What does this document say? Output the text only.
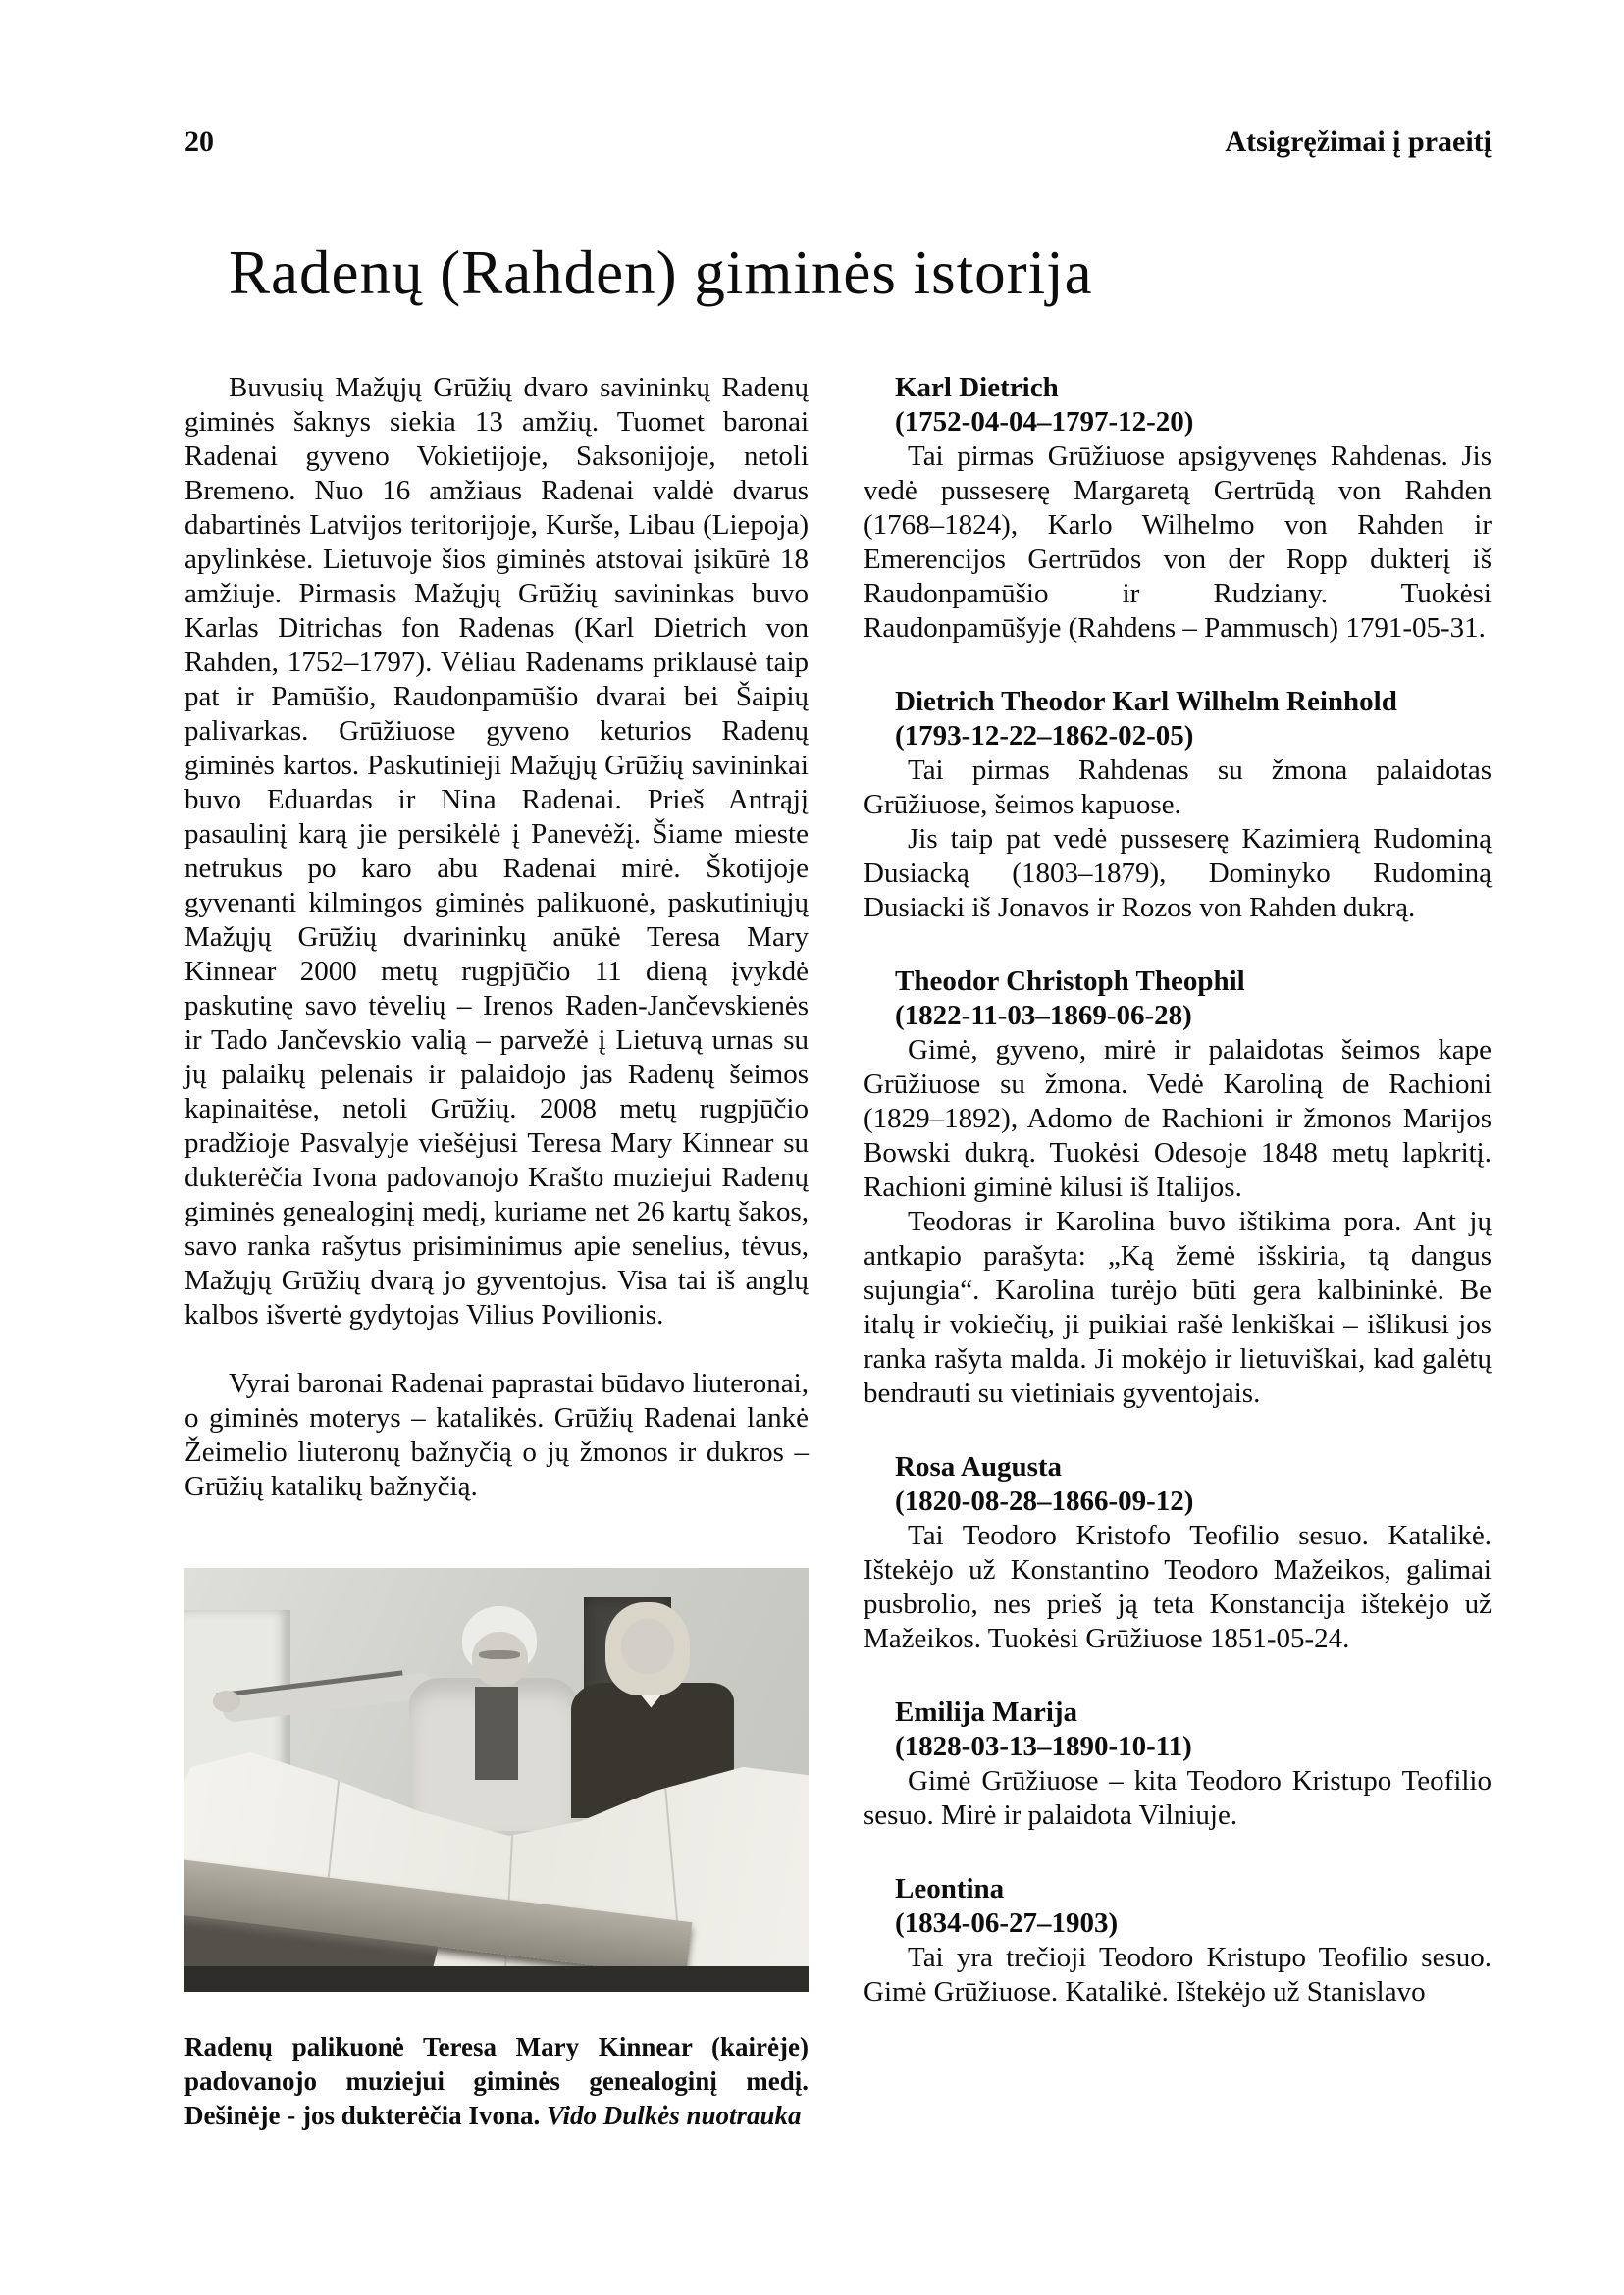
20	Atsigręžimai į praeitį
Radenų (Rahden) giminės istorija

Buvusių Mažųjų Grūžių dvaro savininkų Radenų giminės šaknys siekia 13 amžių. Tuomet baronai Radenai gyveno Vokietijoje, Saksonijoje, netoli Bremeno. Nuo 16 amžiaus Radenai valdė dvarus dabartinės Latvijos teritorijoje, Kurše, Libau (Liepoja) apylinkėse. Lietuvoje šios giminės atstovai įsikūrė 18 amžiuje. Pirmasis Mažųjų Grūžių savininkas buvo Karlas Ditrichas fon Radenas (Karl Dietrich von Rahden, 1752–1797). Vėliau Radenams priklausė taip pat ir Pamūšio, Raudonpamūšio dvarai bei Šaipių palivarkas. Grūžiuose gyveno keturios Radenų giminės kartos. Paskutinieji Mažųjų Grūžių savininkai buvo Eduardas ir Nina Radenai. Prieš Antrąjį pasaulinį karą jie persikėlė į Panevėžį. Šiame mieste netrukus po karo abu Radenai mirė. Škotijoje gyvenanti kilmingos giminės palikuonė, paskutiniųjų Mažųjų Grūžių dvarininkų anūkė Teresa Mary Kinnear 2000 metų rugpjūčio 11 dieną įvykdė paskutinę savo tėvelių – Irenos Raden-Jančevskienės ir Tado Jančevskio valią – parvežė į Lietuvą urnas su jų palaikų pelenais ir palaidojo jas Radenų šeimos kapinaitėse, netoli Grūžių. 2008 metų rugpjūčio pradžioje Pasvalyje viešėjusi Teresa Mary Kinnear su dukterėčia Ivona padovanojo Krašto muziejui Radenų giminės genealoginį medį, kuriame net 26 kartų šakos, savo ranka rašytus prisiminimus apie senelius, tėvus, Mažųjų Grūžių dvarą jo gyventojus. Visa tai iš anglų kalbos išvertė gydytojas Vilius Povilionis.

Vyrai baronai Radenai paprastai būdavo liuteronai, o giminės moterys – katalikės. Grūžių Radenai lankė Žeimelio liuteronų bažnyčią o jų žmonos ir dukros – Grūžių katalikų bažnyčią.

Radenų palikuonė Teresa Mary Kinnear (kairėje) padovanojo muziejui giminės genealoginį medį. Dešinėje - jos dukterėčia Ivona. Vido Dulkės nuotrauka

Karl Dietrich

(1752-04-04–1797-12-20)

Tai pirmas Grūžiuose apsigyvenęs Rahdenas. Jis vedė pusseserę Margaretą Gertrūdą von Rahden (1768–1824), Karlo Wilhelmo von Rahden ir Emerencijos Gertrūdos von der Ropp dukterį iš Raudonpamūšio ir Rudziany. Tuokėsi Raudonpamūšyje (Rahdens – Pammusch) 1791-05-31.

Dietrich Theodor Karl Wilhelm Reinhold

(1793-12-22–1862-02-05)

Tai pirmas Rahdenas su žmona palaidotas Grūžiuose, šeimos kapuose.

Jis taip pat vedė pusseserę Kazimierą Rudominą Dusiacką (1803–1879), Dominyko Rudominą Dusiacki iš Jonavos ir Rozos von Rahden dukrą.

Theodor Christoph Theophil

(1822-11-03–1869-06-28)

Gimė, gyveno, mirė ir palaidotas šeimos kape Grūžiuose su žmona. Vedė Karoliną de Rachioni (1829–1892), Adomo de Rachioni ir žmonos Marijos Bowski dukrą. Tuokėsi Odesoje 1848 metų lapkritį. Rachioni giminė kilusi iš Italijos.

Teodoras ir Karolina buvo ištikima pora. Ant jų antkapio parašyta: „Ką žemė išskiria, tą dangus sujungia“. Karolina turėjo būti gera kalbininkė. Be italų ir vokiečių, ji puikiai rašė lenkiškai – išlikusi jos ranka rašyta malda. Ji mokėjo ir lietuviškai, kad galėtų bendrauti su vietiniais gyventojais.

Rosa Augusta

(1820-08-28–1866-09-12)

Tai Teodoro Kristofo Teofilio sesuo. Katalikė. Ištekėjo už Konstantino Teodoro Mažeikos, galimai pusbrolio, nes prieš ją teta Konstancija ištekėjo už Mažeikos. Tuokėsi Grūžiuose 1851-05-24.

Emilija Marija

(1828-03-13–1890-10-11)

Gimė Grūžiuose – kita Teodoro Kristupo Teofilio sesuo. Mirė ir palaidota Vilniuje.

Leontina

(1834-06-27–1903)

Tai yra trečioji Teodoro Kristupo Teofilio sesuo. Gimė Grūžiuose. Katalikė. Ištekėjo už Stanislavo
